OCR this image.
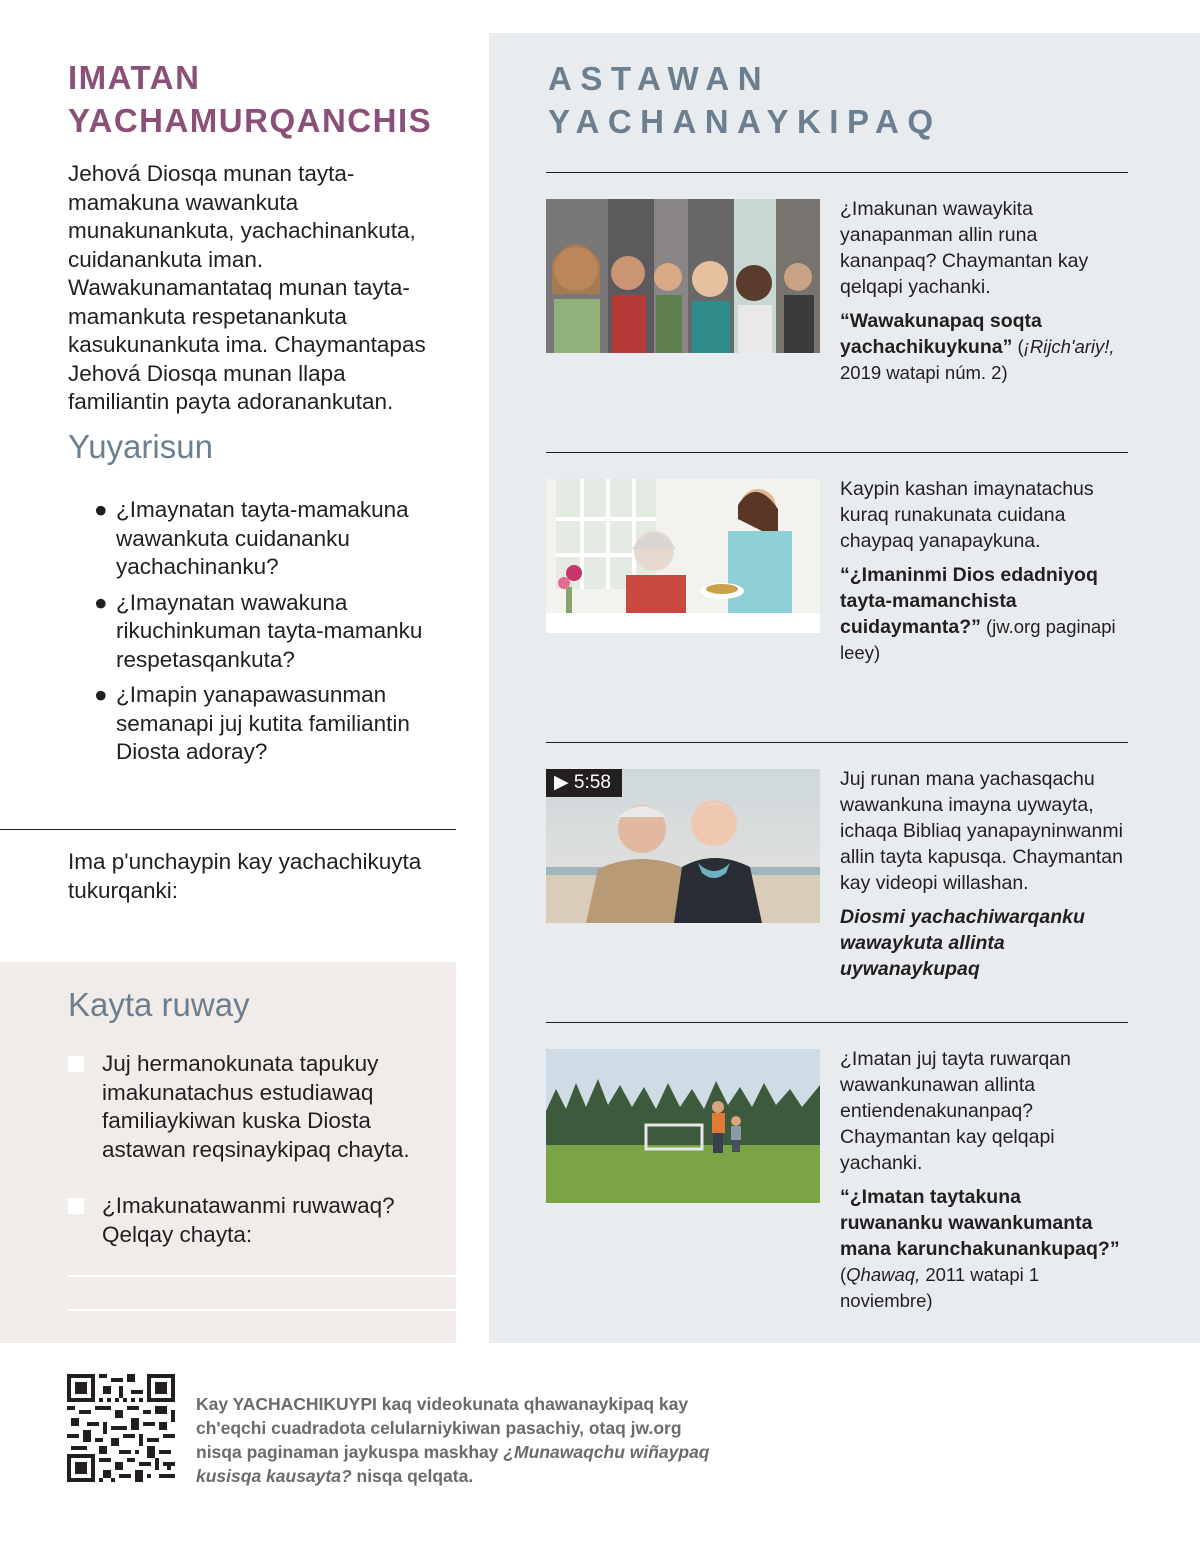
IMATAN
YACHAMURQANCHIS

Jehová Diosqa munan tayta-mamakuna wawankuta munakunankuta, yachachinankuta, cuidanankuta iman. Wawakunamantataq munan tayta-mamankuta respetanankuta kasukunankuta ima. Chaymantapas Jehová Diosqa munan llapa familiantin payta adoranankutan.

Yuyarisun
● ¿Imaynatan tayta-mamakuna wawankuta cuidananku yachachinanku?
● ¿Imaynatan wawakuna rikuchinkuman tayta-mamanku respetasqankuta?
● ¿Imapin yanapawasunman semanapi juj kutita familiantin Diosta adoray?

Ima p'unchaypin kay yachachikuyta tukurqanki:

Kayta ruway
Juj hermanokunata tapukuy imakunatachus estudiawaq familiaykiwan kuska Diosta astawan reqsinaykipaq chayta.
¿Imakunatawanmi ruwawaq? Qelqay chayta:
ASTAWAN
YACHANAYKIPAQ
¿Imakunan wawaykita yanapanman allin runa kananpaq? Chaymantan kay qelqapi yachanki.
“Wawakunapaq soqta yachachikuykuna” (¡Rijch'ariy!, 2019 watapi núm. 2)
Kaypin kashan imaynatachus kuraq runakunata cuidana chaypaq yanapaykuna.
“¿Imaninmi Dios edadniyoq tayta-mamanchista cuidaymanta?” (jw.org paginapi leey)
▶ 5:58	Juj runan mana yachasqachu wawankuna imayna uywayta, ichaqa Bibliaq yanapayninwanmi allin tayta kapusqa. Chaymantan kay videopi willashan.
Diosmi yachachiwarqanku wawaykuta allinta uywanaykupaq
¿Imatan juj tayta ruwarqan wawankunawan allinta entiendenakunanpaq? Chaymantan kay qelqapi yachanki.
“¿Imatan taytakuna ruwananku wawankumanta mana karunchakunankupaq?” (Qhawaq, 2011 watapi 1 noviembre)

Kay YACHACHIKUYPI kaq videokunata qhawanaykipaq kay ch'eqchi cuadradota celularniykiwan pasachiy, otaq jw.org nisqa paginaman jaykuspa maskhay ¿Munawaqchu wiñaypaq kusisqa kausayta? nisqa qelqata.
